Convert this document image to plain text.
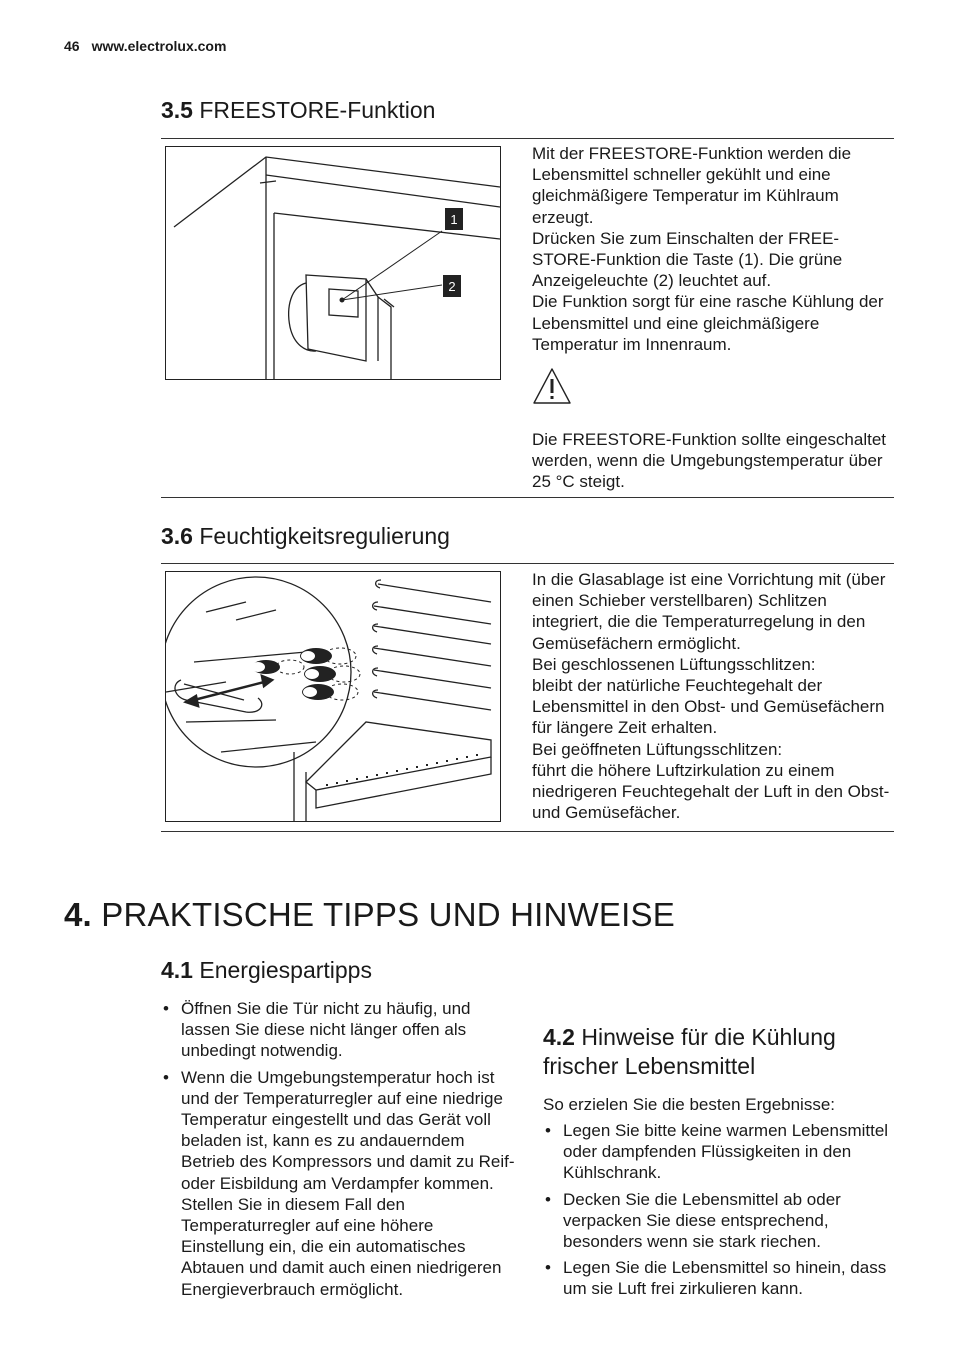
46 www.electrolux.com
3.5 FREESTORE-Funktion
1
2

Mit der FREESTORE-Funktion werden die Lebensmittel schneller gekühlt und eine gleichmäßigere Temperatur im Kühlraum erzeugt.

Drücken Sie zum Einschalten der FREE-STORE-Funktion die Taste (1). Die grüne Anzeigeleuchte (2) leuchtet auf.

Die Funktion sorgt für eine rasche Kühlung der Lebensmittel und eine gleichmäßigere Temperatur im Innenraum.

Die FREESTORE-Funktion sollte eingeschaltet werden, wenn die Umgebungstemperatur über 25 °C steigt.

3.6 Feuchtigkeitsregulierung

In die Glasablage ist eine Vorrichtung mit (über einen Schieber verstellbaren) Schlitzen integriert, die die Temperaturregelung in den Gemüsefächern ermöglicht.

Bei geschlossenen Lüftungsschlitzen:

bleibt der natürliche Feuchtegehalt der Lebensmittel in den Obst- und Gemüsefächern für längere Zeit erhalten.

Bei geöffneten Lüftungsschlitzen:

führt die höhere Luftzirkulation zu einem niedrigeren Feuchtegehalt der Luft in den Obst- und Gemüsefächer.

4. PRAKTISCHE TIPPS UND HINWEISE
4.1 Energiespartipps
• Öffnen Sie die Tür nicht zu häufig, und lassen Sie diese nicht länger offen als unbedingt notwendig.
• Wenn die Umgebungstemperatur hoch ist und der Temperaturregler auf eine niedrige Temperatur eingestellt und das Gerät voll beladen ist, kann es zu andauerndem Betrieb des Kompressors und damit zu Reif- oder Eisbildung am Verdampfer kommen. Stellen Sie in diesem Fall den Temperaturregler auf eine höhere Einstellung ein, die ein automatisches Abtauen und damit auch einen niedrigeren Energieverbrauch ermöglicht.
4.2 Hinweise für die Kühlung
frischer Lebensmittel

So erzielen Sie die besten Ergebnisse:

• Legen Sie bitte keine warmen Lebensmittel oder dampfenden Flüssigkeiten in den Kühlschrank.
• Decken Sie die Lebensmittel ab oder verpacken Sie diese entsprechend, besonders wenn sie stark riechen.
• Legen Sie die Lebensmittel so hinein, dass um sie Luft frei zirkulieren kann.
